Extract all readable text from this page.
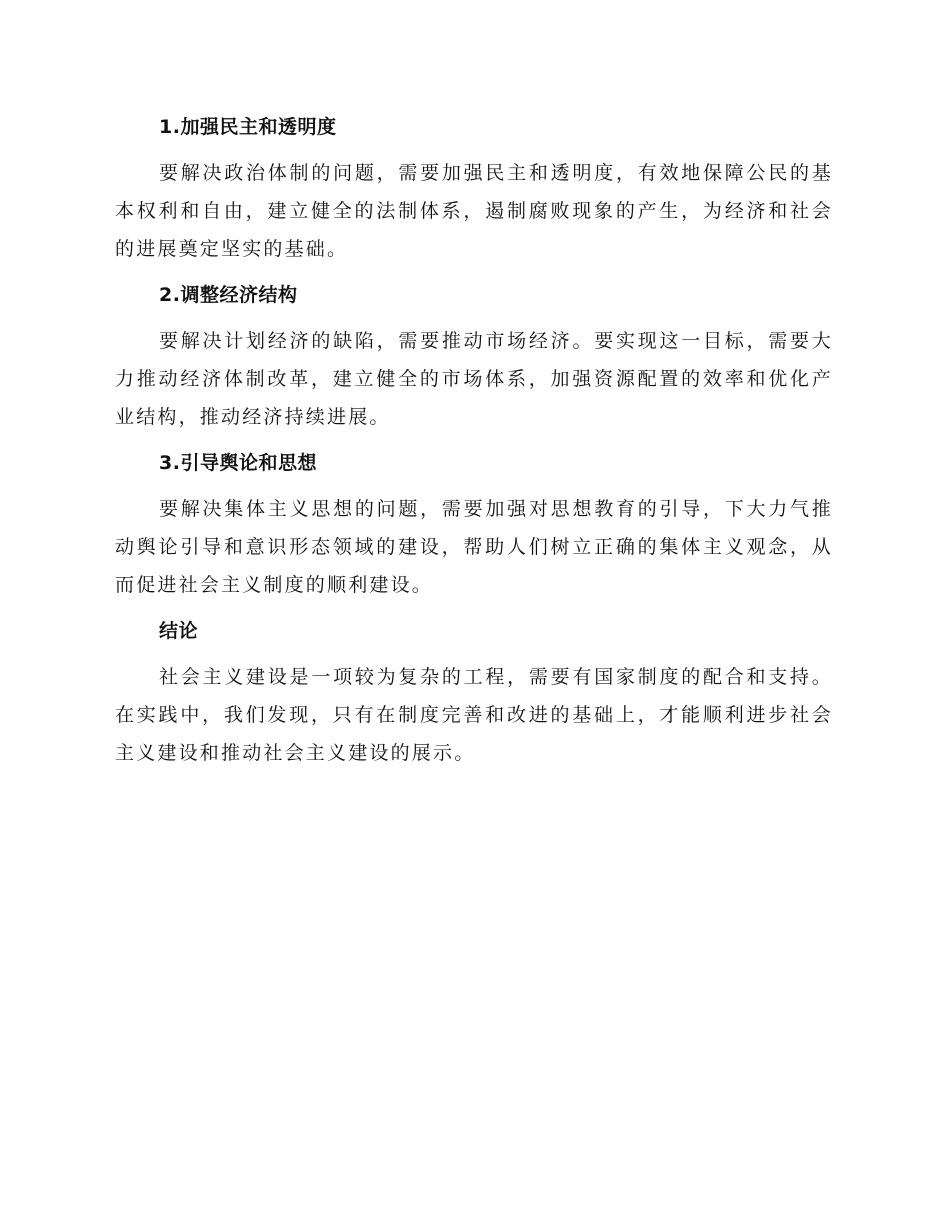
1.加强民主和透明度

要解决政治体制的问题，需要加强民主和透明度，有效地保障公民的基本权利和自由，建立健全的法制体系，遏制腐败现象的产生，为经济和社会的进展奠定坚实的基础。

2.调整经济结构

要解决计划经济的缺陷，需要推动市场经济。要实现这一目标，需要大力推动经济体制改革，建立健全的市场体系，加强资源配置的效率和优化产业结构，推动经济持续进展。

3.引导舆论和思想

要解决集体主义思想的问题，需要加强对思想教育的引导，下大力气推动舆论引导和意识形态领域的建设，帮助人们树立正确的集体主义观念，从而促进社会主义制度的顺利建设。

结论

社会主义建设是一项较为复杂的工程，需要有国家制度的配合和支持。在实践中，我们发现，只有在制度完善和改进的基础上，才能顺利进步社会主义建设和推动社会主义建设的展示。
